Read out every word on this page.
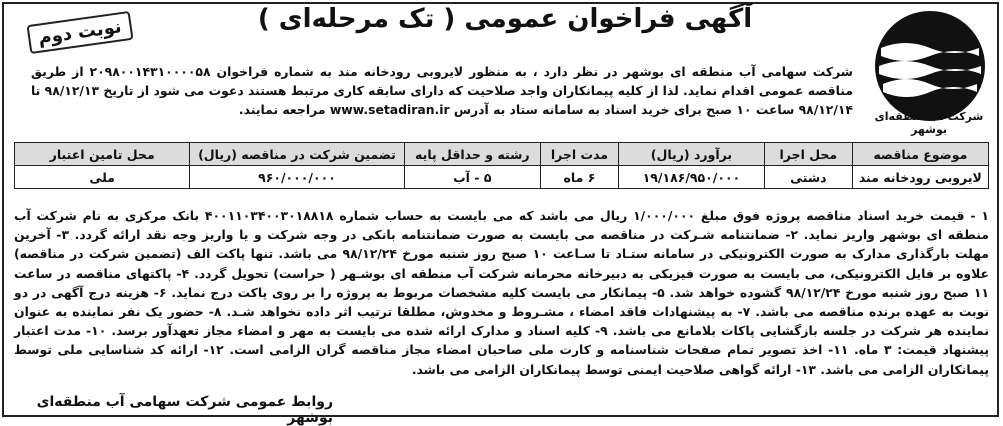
شرکت آب منطقه‌ای بوشهر
آگهی فراخوان عمومی ( تک مرحله‌ای )
نوبت دوم
شرکت سهامی آب منطقه ای بوشهر در نظر دارد ، به منظور لایروبی رودخانه مند به شماره فراخوان ۲۰۹۸۰۰۱۴۳۱۰۰۰۰۵۸ از طریق مناقصه عمومی اقدام نماید. لذا از کلیه پیمانکاران واجد صلاحیت که دارای سابقه کاری مرتبط هستند دعوت می شود از تاریخ ۹۸/۱۲/۱۳ تا ۹۸/۱۲/۱۴ ساعت ۱۰ صبح برای خرید اسناد به سامانه ستاد به آدرس www.setadiran.ir مراجعه نمایند.
موضوع مناقصه	محل اجرا	برآورد (ریال)	مدت اجرا	رشته و حداقل پایه	تضمین شرکت در مناقصه (ریال)	محل تامین اعتبار
لایروبی رودخانه مند	دشتی	۱۹/۱۸۶/۹۵۰/۰۰۰	۶ ماه	۵ - آب	۹۶۰/۰۰۰/۰۰۰	ملی
۱ - قیمت خرید اسناد مناقصه پروژه فوق مبلغ ۱/۰۰۰/۰۰۰ ریال می باشد که می بایست به حساب شماره ۴۰۰۱۱۰۳۴۰۰۳۰۱۸۸۱۸ بانک مرکزی به نام شرکت آب منطقه ای بوشهر واریز نماید. ۲- ضمانتنامه شـرکت در مناقصه می بایست به صورت ضمانتنامه بانکی در وجه شرکت و یا واریز وجه نقد ارائه گردد. ۳- آخرین مهلت بارگذاری مدارک به صورت الکترونیکی در سامانه ستـاد تا سـاعت ۱۰ صبح روز شنبه مورخ ۹۸/۱۲/۲۴ می باشد. تنها پاکت الف (تضمین شرکت در مناقصه) علاوه بر فایل الکترونیکی، می بایست به صورت فیزیکی به دبیرخانه محرمانه شرکت آب منطقه ای بوشـهر ( حراست) تحویل گردد. ۴- پاکتهای مناقصه در ساعت ۱۱ صبح روز شنبه مورخ ۹۸/۱۲/۲۴ گشوده خواهد شد. ۵- پیمانکار می بایست کلیه مشخصات مربوط به پروژه را بر روی پاکت درج نماید. ۶- هزینه درج آگهی در دو نوبت به عهده برنده مناقصه می باشد. ۷- به پیشنهادات فاقد امضاء ، مشـروط و مخدوش، مطلقا ترتیب اثر داده نخواهد شـد. ۸- حضور یک نفر نماینده به عنوان نماینده هر شرکت در جلسه بازگشایی پاکات بلامانع می باشد. ۹- کلیه اسناد و مدارک ارائه شده می بایست به مهر و امضاء مجاز تعهدآور برسد. ۱۰- مدت اعتبار پیشنهاد قیمت: ۳ ماه. ۱۱- اخذ تصویر تمام صفحات شناسنامه و کارت ملی صاحبان امضاء مجاز مناقصه گران الزامی است. ۱۲- ارائه کد شناسایی ملی توسط پیمانکاران الزامی می باشد. ۱۳- ارائه گواهی صلاحیت ایمنی توسط پیمانکاران الزامی می باشد.
روابط عمومی شرکت سهامی آب منطقه‌ای بوشهر
